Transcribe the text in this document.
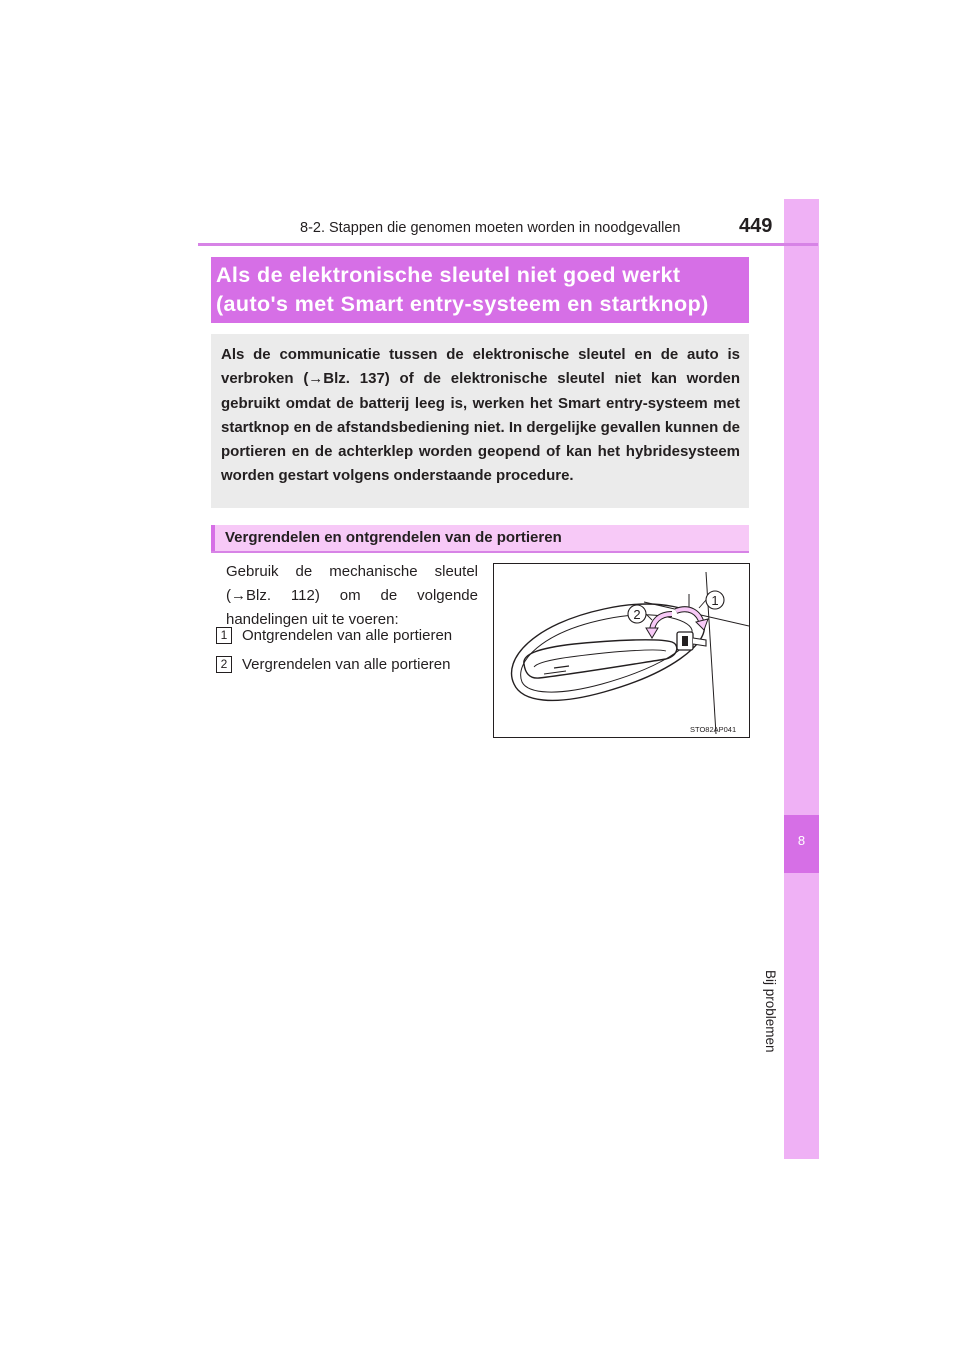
8
Bij problemen
8-2. Stappen die genomen moeten worden in noodgevallen	449
Als de elektronische sleutel niet goed werkt
(auto's met Smart entry-systeem en startknop)
Als de communicatie tussen de elektronische sleutel en de auto is verbroken (→Blz. 137) of de elektronische sleutel niet kan worden gebruikt omdat de batterij leeg is, werken het Smart entry-systeem met startknop en de afstandsbediening niet. In dergelijke gevallen kunnen de portieren en de achterklep worden geopend of kan het hybridesysteem worden gestart volgens onderstaande procedure.
Vergrendelen en ontgrendelen van de portieren
Gebruik de mechanische sleutel (→Blz. 112) om de volgende handelingen uit te voeren:
1 Ontgrendelen van alle portieren
2 Vergrendelen van alle portieren
1
2
STO82AP041
